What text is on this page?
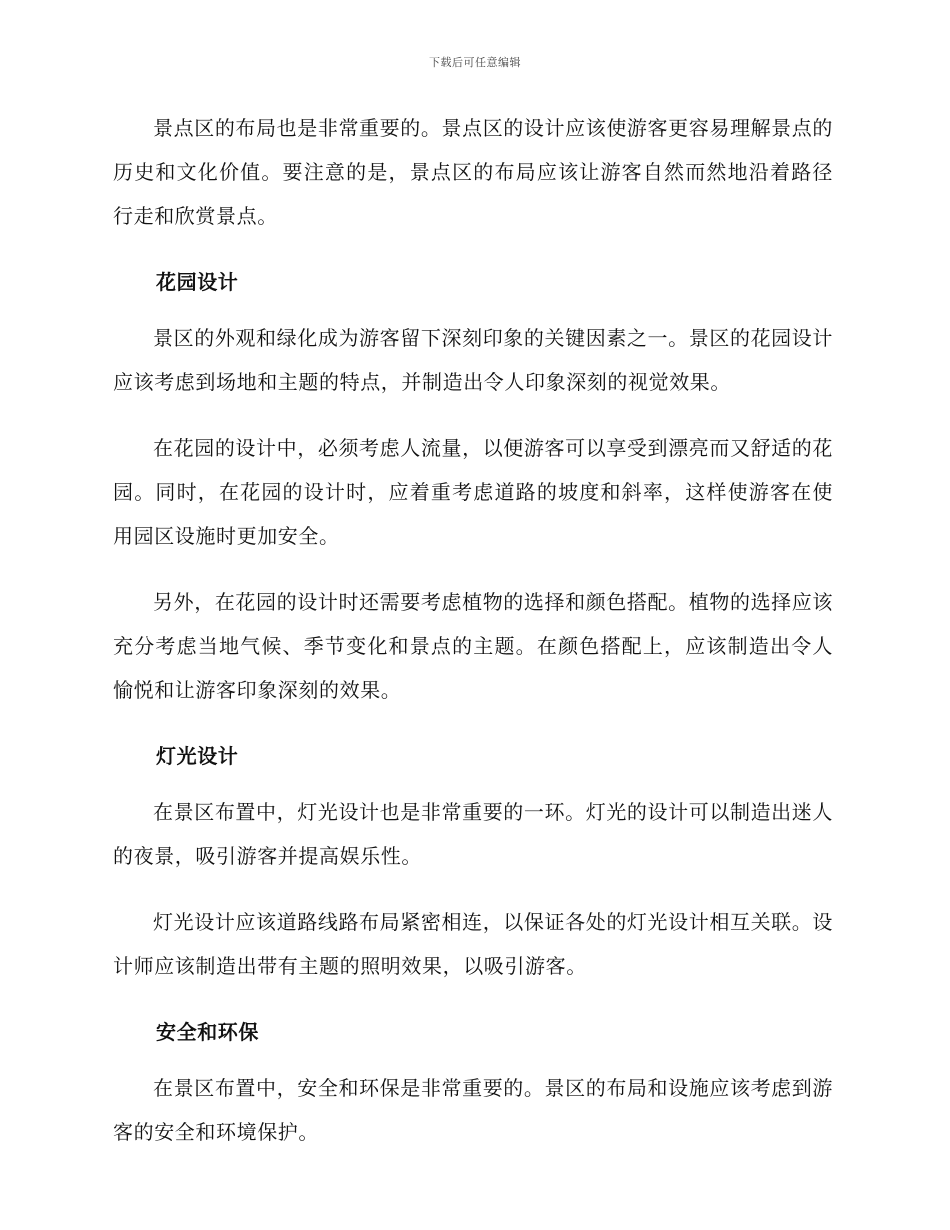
下载后可任意编辑

景点区的布局也是非常重要的。景点区的设计应该使游客更容易理解景点的历史和文化价值。要注意的是，景点区的布局应该让游客自然而然地沿着路径行走和欣赏景点。

花园设计

景区的外观和绿化成为游客留下深刻印象的关键因素之一。景区的花园设计应该考虑到场地和主题的特点，并制造出令人印象深刻的视觉效果。

在花园的设计中，必须考虑人流量，以便游客可以享受到漂亮而又舒适的花园。同时，在花园的设计时，应着重考虑道路的坡度和斜率，这样使游客在使用园区设施时更加安全。

另外，在花园的设计时还需要考虑植物的选择和颜色搭配。植物的选择应该充分考虑当地气候、季节变化和景点的主题。在颜色搭配上，应该制造出令人愉悦和让游客印象深刻的效果。

灯光设计

在景区布置中，灯光设计也是非常重要的一环。灯光的设计可以制造出迷人的夜景，吸引游客并提高娱乐性。

灯光设计应该道路线路布局紧密相连，以保证各处的灯光设计相互关联。设计师应该制造出带有主题的照明效果，以吸引游客。

安全和环保

在景区布置中，安全和环保是非常重要的。景区的布局和设施应该考虑到游客的安全和环境保护。
